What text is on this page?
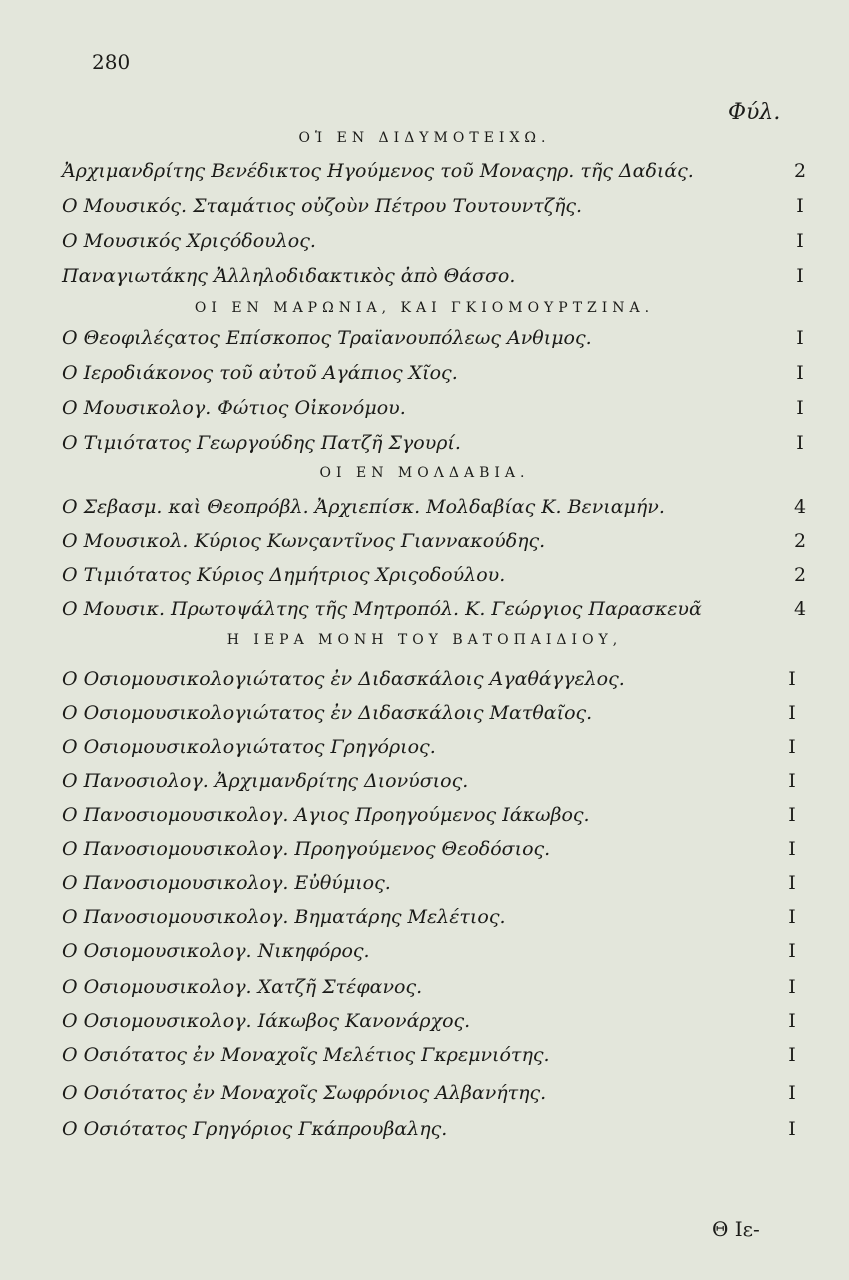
280
Φύλ.
ΟἹ ΕΝ ΔΙΔΥΜΟΤΕΙΧΩ.
Ἀρχιμανδρίτης Βενέδικτος Ηγούμενος τοῦ Μοναςηρ. τῆς Δαδιάς.	2
Ο Μουσικός. Σταμάτιος οὐζοὺν Πέτρου Τουτουντζῆς.	I
Ο Μουσικός Χριςόδουλος.	I
Παναγιωτάκης Ἀλληλοδιδακτικὸς ἀπὸ Θάσσο.	I
ΟΙ ΕΝ ΜΑΡΩΝΙΑ, ΚΑΙ ΓΚΙΟΜΟΥΡΤΖΙΝΑ.
Ο Θεοφιλέςατος Επίσκοπος Τραϊανουπόλεως Ανθιμος.	I
Ο Ιεροδιάκονος τοῦ αὐτοῦ Αγάπιος Χῖος.	I
Ο Μουσικολογ. Φώτιος Οἰκονόμου.	I
Ο Τιμιότατος Γεωργούδης Πατζῆ Σγουρί.	I
ΟΙ ΕΝ ΜΟΛΔΑΒΙΑ.
Ο Σεβασμ. καὶ Θεοπρόβλ. Ἀρχιεπίσκ. Μολδαβίας Κ. Βενιαμήν.	4
Ο Μουσικολ. Κύριος Κωνςαντῖνος Γιαννακούδης.	2
Ο Τιμιότατος Κύριος Δημήτριος Χριςοδούλου.	2
Ο Μουσικ. Πρωτοψάλτης τῆς Μητροπόλ. Κ. Γεώργιος Παρασκευᾶ	4
Η ΙΕΡΑ ΜΟΝΗ ΤΟΥ ΒΑΤΟΠΑΙΔΙΟΥ,
Ο Οσιομουσικολογιώτατος ἐν Διδασκάλοις Αγαθάγγελος.	I
Ο Οσιομουσικολογιώτατος ἐν Διδασκάλοις Ματθαῖος.	I
Ο Οσιομουσικολογιώτατος Γρηγόριος.	I
Ο Πανοσιολογ. Ἀρχιμανδρίτης Διονύσιος.	I
Ο Πανοσιομουσικολογ. Αγιος Προηγούμενος Ιάκωβος.	I
Ο Πανοσιομουσικολογ. Προηγούμενος Θεοδόσιος.	I
Ο Πανοσιομουσικολογ. Εὐθύμιος.	I
Ο Πανοσιομουσικολογ. Βηματάρης Μελέτιος.	I
Ο Οσιομουσικολογ. Νικηφόρος.	I
Ο Οσιομουσικολογ. Χατζῆ Στέφανος.	I
Ο Οσιομουσικολογ. Ιάκωβος Κανονάρχος.	I
Ο Οσιότατος ἐν Μοναχοῖς Μελέτιος Γκρεμνιότης.	I
Ο Οσιότατος ἐν Μοναχοῖς Σωφρόνιος Αλβανήτης.	I
Ο Οσιότατος Γρηγόριος Γκάπρουβαλης.	I
Θ Ιε-
